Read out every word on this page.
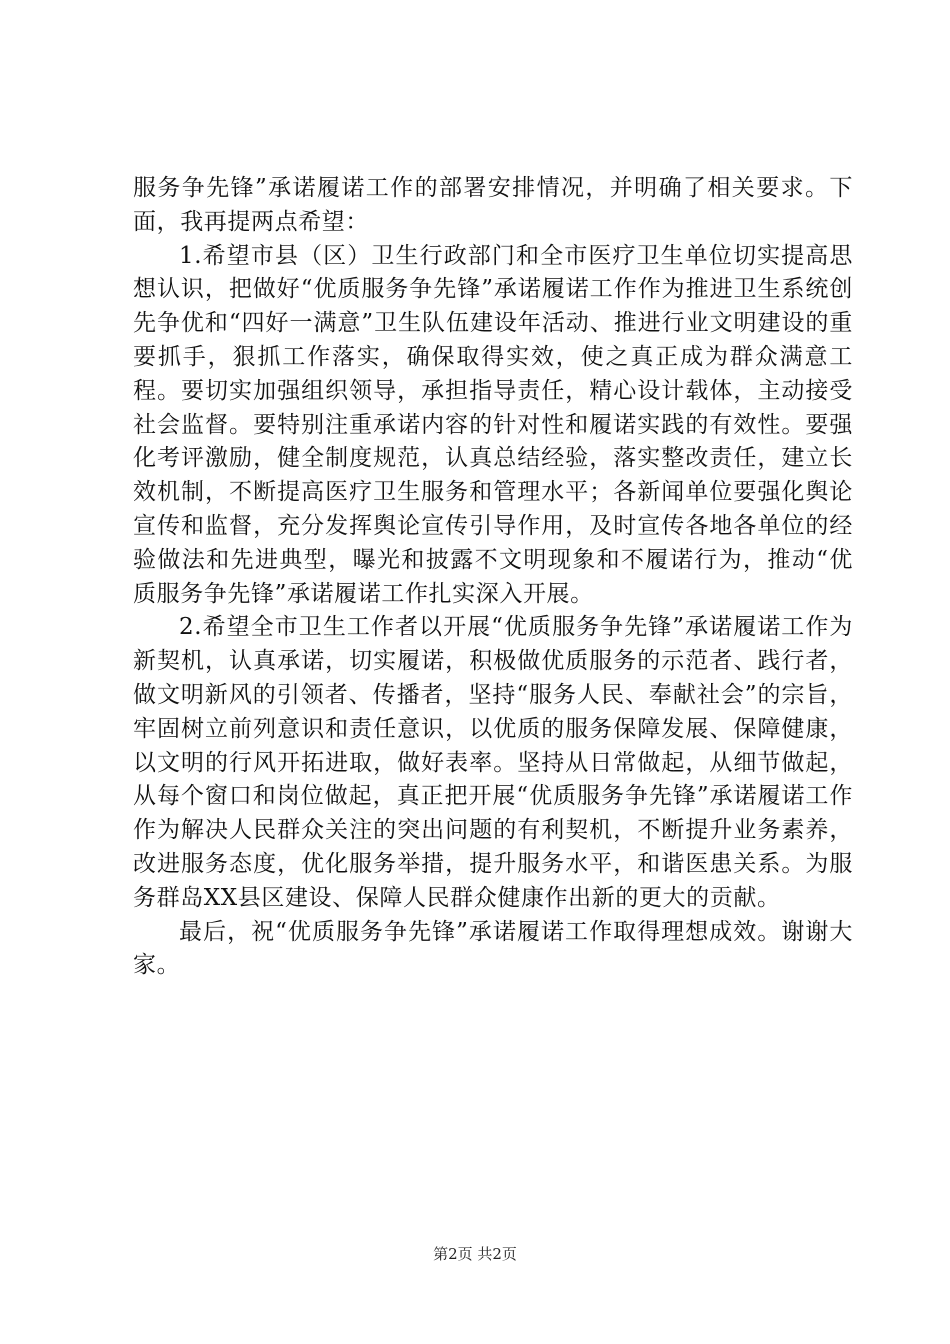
服务争先锋”承诺履诺工作的部署安排情况，并明确了相关要求。下面，我再提两点希望：

1.希望市县（区）卫生行政部门和全市医疗卫生单位切实提高思想认识，把做好“优质服务争先锋”承诺履诺工作作为推进卫生系统创先争优和“四好一满意”卫生队伍建设年活动、推进行业文明建设的重要抓手，狠抓工作落实，确保取得实效，使之真正成为群众满意工程。要切实加强组织领导，承担指导责任，精心设计载体，主动接受社会监督。要特别注重承诺内容的针对性和履诺实践的有效性。要强化考评激励，健全制度规范，认真总结经验，落实整改责任，建立长效机制，不断提高医疗卫生服务和管理水平；各新闻单位要强化舆论宣传和监督，充分发挥舆论宣传引导作用，及时宣传各地各单位的经验做法和先进典型，曝光和披露不文明现象和不履诺行为，推动“优质服务争先锋”承诺履诺工作扎实深入开展。

2.希望全市卫生工作者以开展“优质服务争先锋”承诺履诺工作为新契机，认真承诺，切实履诺，积极做优质服务的示范者、践行者，做文明新风的引领者、传播者，坚持“服务人民、奉献社会”的宗旨，牢固树立前列意识和责任意识，以优质的服务保障发展、保障健康，以文明的行风开拓进取，做好表率。坚持从日常做起，从细节做起，从每个窗口和岗位做起，真正把开展“优质服务争先锋”承诺履诺工作作为解决人民群众关注的突出问题的有利契机，不断提升业务素养，改进服务态度，优化服务举措，提升服务水平，和谐医患关系。为服务群岛XX县区建设、保障人民群众健康作出新的更大的贡献。

最后，祝“优质服务争先锋”承诺履诺工作取得理想成效。谢谢大家。

第2页 共2页
